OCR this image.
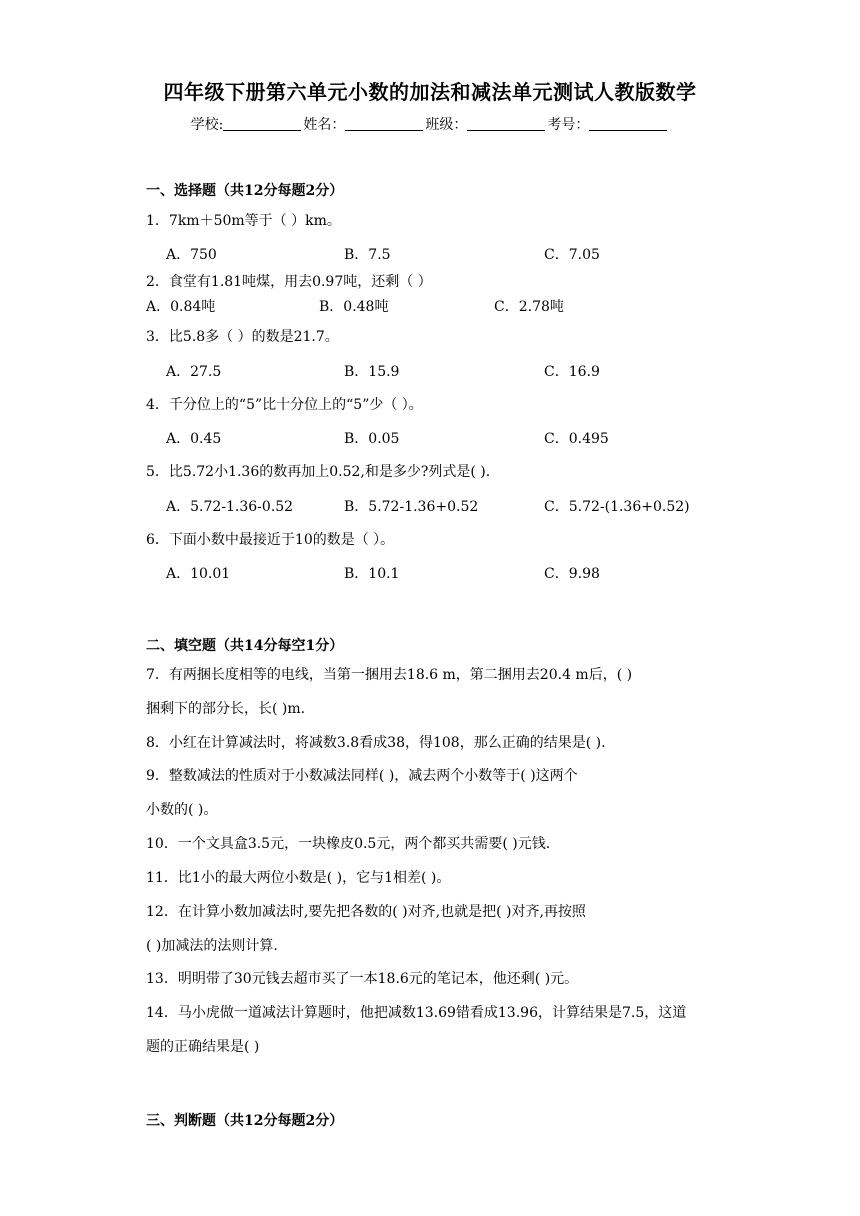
四年级下册第六单元小数的加法和减法单元测试人教版数学
学校:	姓名：	班级：	考号：
一、选择题（共12分每题2分）
1．7km＋50m等于（ ）km。
A．750	B．7.5	C．7.05
2．食堂有1.81吨煤，用去0.97吨，还剩（ ）
A．0.84吨	B．0.48吨	C．2.78吨
3．比5.8多（ ）的数是21.7。
A．27.5	B．15.9	C．16.9
4．千分位上的“5”比十分位上的“5”少（ ）。
A．0.45	B．0.05	C．0.495
5．比5.72小1.36的数再加上0.52,和是多少?列式是( ).
A．5.72-1.36-0.52	B．5.72-1.36+0.52	C．5.72-(1.36+0.52)
6．下面小数中最接近于10的数是（ ）。
A．10.01	B．10.1	C．9.98
二、填空题（共14分每空1分）
7．有两捆长度相等的电线，当第一捆用去18.6 m，第二捆用去20.4 m后，( )
捆剩下的部分长，长( )m.
8．小红在计算减法时，将减数3.8看成38，得108，那么正确的结果是( ).
9．整数减法的性质对于小数减法同样( )，减去两个小数等于( )这两个
小数的( )。
10．一个文具盒3.5元，一块橡皮0.5元，两个都买共需要( )元钱.
11．比1小的最大两位小数是( )，它与1相差( )。
12．在计算小数加减法时,要先把各数的( )对齐,也就是把( )对齐,再按照
( )加减法的法则计算.
13．明明带了30元钱去超市买了一本18.6元的笔记本，他还剩( )元。
14．马小虎做一道减法计算题时，他把减数13.69错看成13.96，计算结果是7.5，这道
题的正确结果是( )
三、判断题（共12分每题2分）
